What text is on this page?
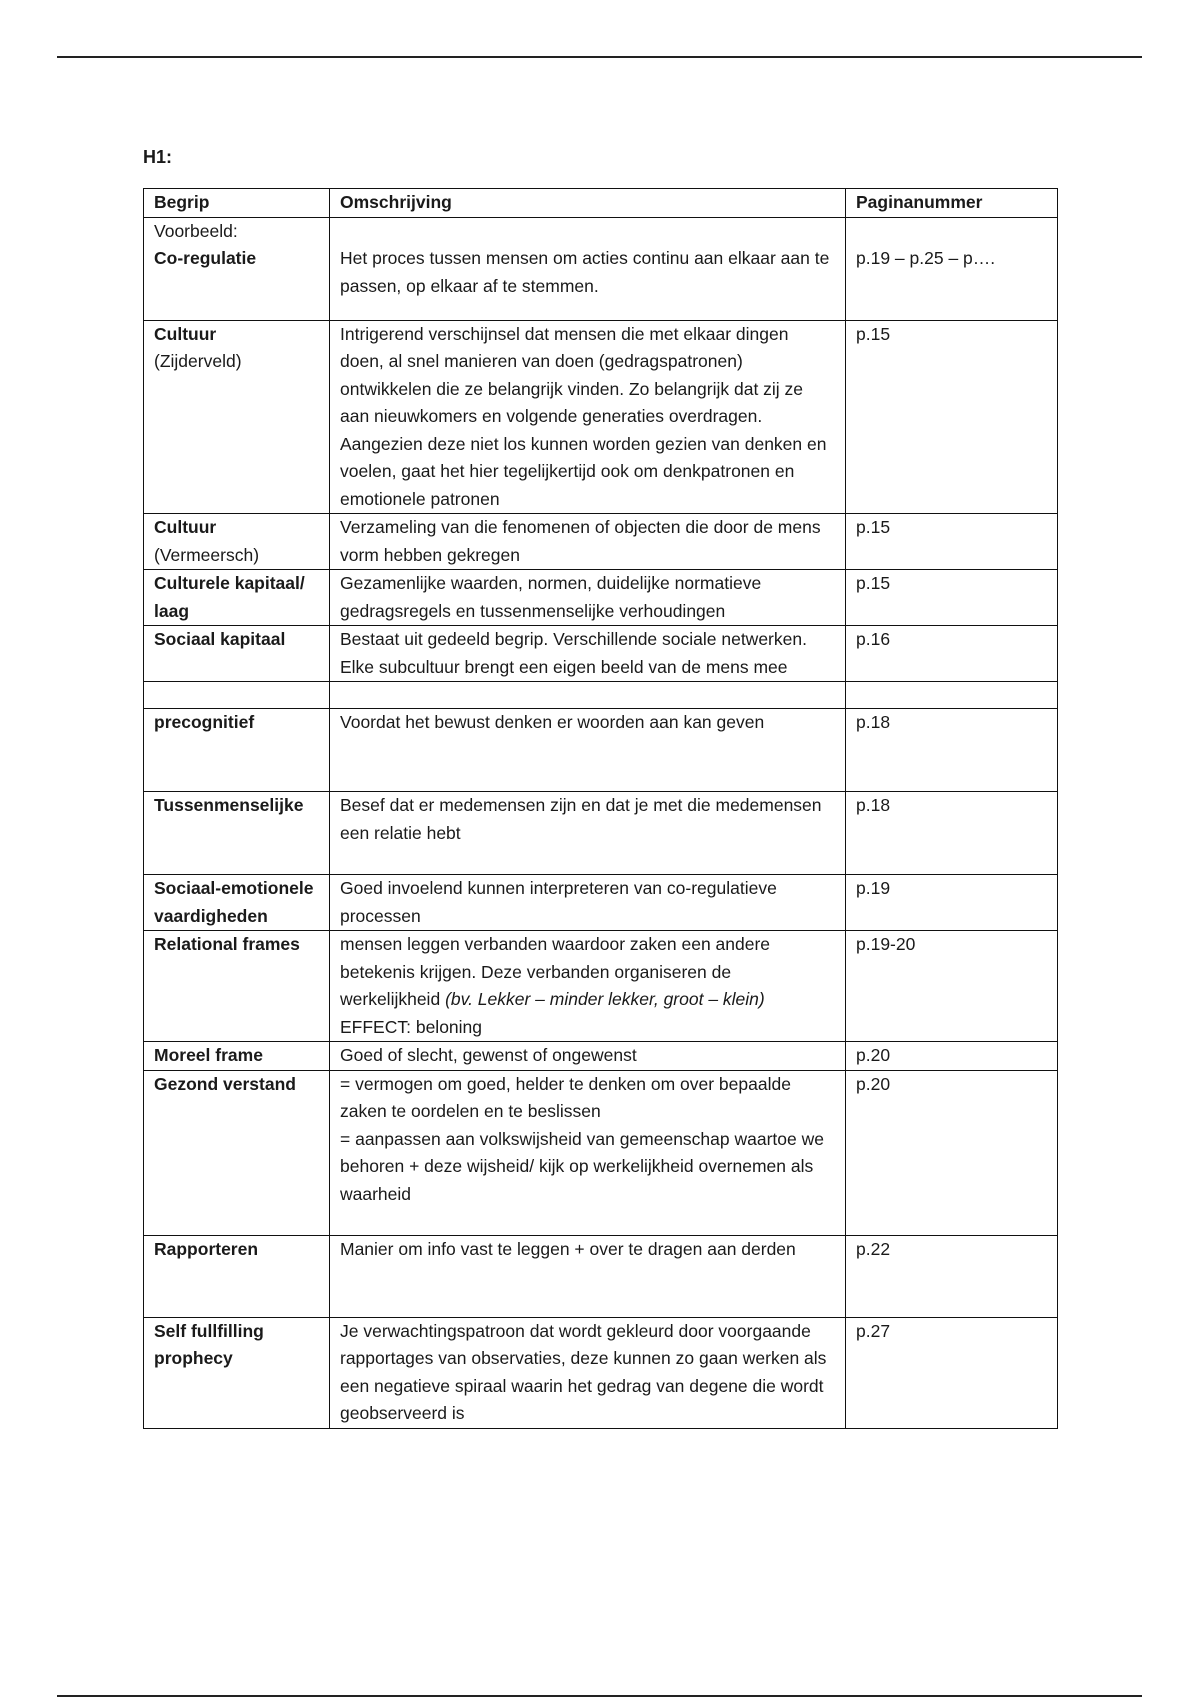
H1:
Begrip	Omschrijving	Paginanummer

Voorbeeld:
Co-regulatie	Het proces tussen mensen om acties continu aan elkaar aan te passen, op elkaar af te stemmen.	p.19 – p.25 – p….

Cultuur
(Zijderveld)	Intrigerend verschijnsel dat mensen die met elkaar dingen doen, al snel manieren van doen (gedragspatronen) ontwikkelen die ze belangrijk vinden. Zo belangrijk dat zij ze aan nieuwkomers en volgende generaties overdragen. Aangezien deze niet los kunnen worden gezien van denken en voelen, gaat het hier tegelijkertijd ook om denkpatronen en emotionele patronen	p.15

Cultuur
(Vermeersch)	Verzameling van die fenomenen of objecten die door de mens vorm hebben gekregen	p.15

Culturele kapitaal/ laag	Gezamenlijke waarden, normen, duidelijke normatieve gedragsregels en tussenmenselijke verhoudingen	p.15

Sociaal kapitaal	Bestaat uit gedeeld begrip. Verschillende sociale netwerken. Elke subcultuur brengt een eigen beeld van de mens mee	p.16

precognitief	Voordat het bewust denken er woorden aan kan geven	p.18

Tussenmenselijke	Besef dat er medemensen zijn en dat je met die medemensen een relatie hebt	p.18

Sociaal-emotionele vaardigheden	Goed invoelend kunnen interpreteren van co-regulatieve processen	p.19

Relational frames	mensen leggen verbanden waardoor zaken een andere betekenis krijgen. Deze verbanden organiseren de werkelijkheid (bv. Lekker – minder lekker, groot – klein)
EFFECT: beloning	p.19-20

Moreel frame	Goed of slecht, gewenst of ongewenst	p.20

Gezond verstand	= vermogen om goed, helder te denken om over bepaalde zaken te oordelen en te beslissen
= aanpassen aan volkswijsheid van gemeenschap waartoe we behoren + deze wijsheid/ kijk op werkelijkheid overnemen als waarheid	p.20

Rapporteren	Manier om info vast te leggen + over te dragen aan derden	p.22

Self fullfilling prophecy	Je verwachtingspatroon dat wordt gekleurd door voorgaande rapportages van observaties, deze kunnen zo gaan werken als een negatieve spiraal waarin het gedrag van degene die wordt geobserveerd is	p.27
